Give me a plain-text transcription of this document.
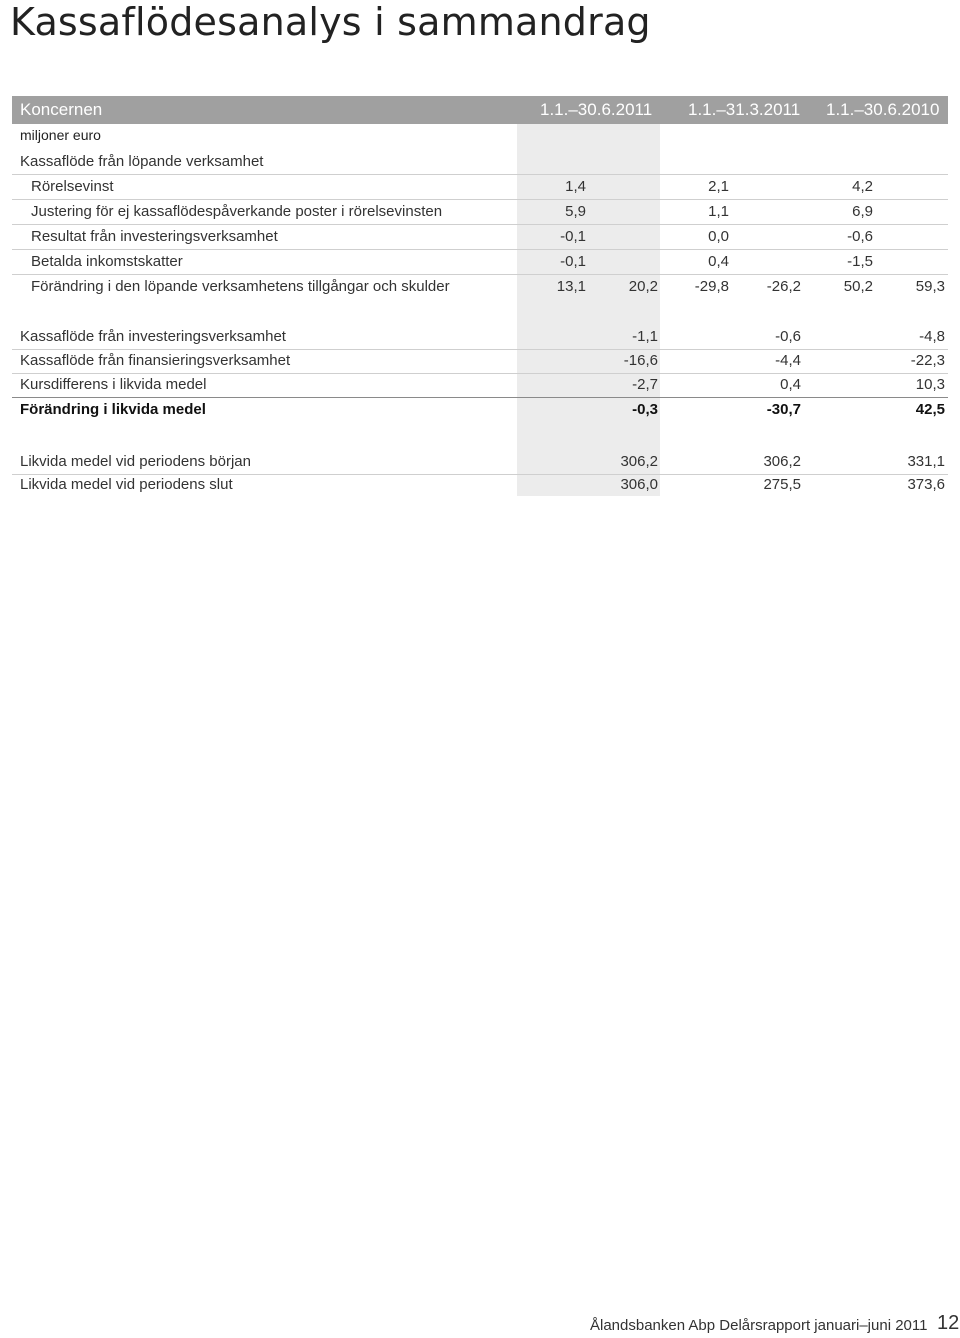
Kassaflödesanalys i sammandrag
Koncernen	1.1.–30.6.2011 1.1.–31.3.2011 1.1.–30.6.2010
miljoner euro
Kassaflöde från löpande verksamhet
Rörelsevinst	1,4	2,1	4,2
Justering för ej kassaflödespåverkande poster i rörelsevinsten	5,9	1,1	6,9
Resultat från investeringsverksamhet	-0,1	0,0	-0,6
Betalda inkomstskatter	-0,1	0,4	-1,5
Förändring i den löpande verksamhetens tillgångar och skulder	13,1	20,2	-29,8	-26,2	50,2	59,3
Kassaflöde från investeringsverksamhet	-1,1	-0,6	-4,8
Kassaflöde från finansieringsverksamhet	-16,6	-4,4	-22,3
Kursdifferens i likvida medel	-2,7	0,4	10,3
Förändring i likvida medel	-0,3	-30,7	42,5
Likvida medel vid periodens början	306,2	306,2	331,1
Likvida medel vid periodens slut	306,0	275,5	373,6
Ålandsbanken Abp Delårsrapport januari–juni 2011 12
